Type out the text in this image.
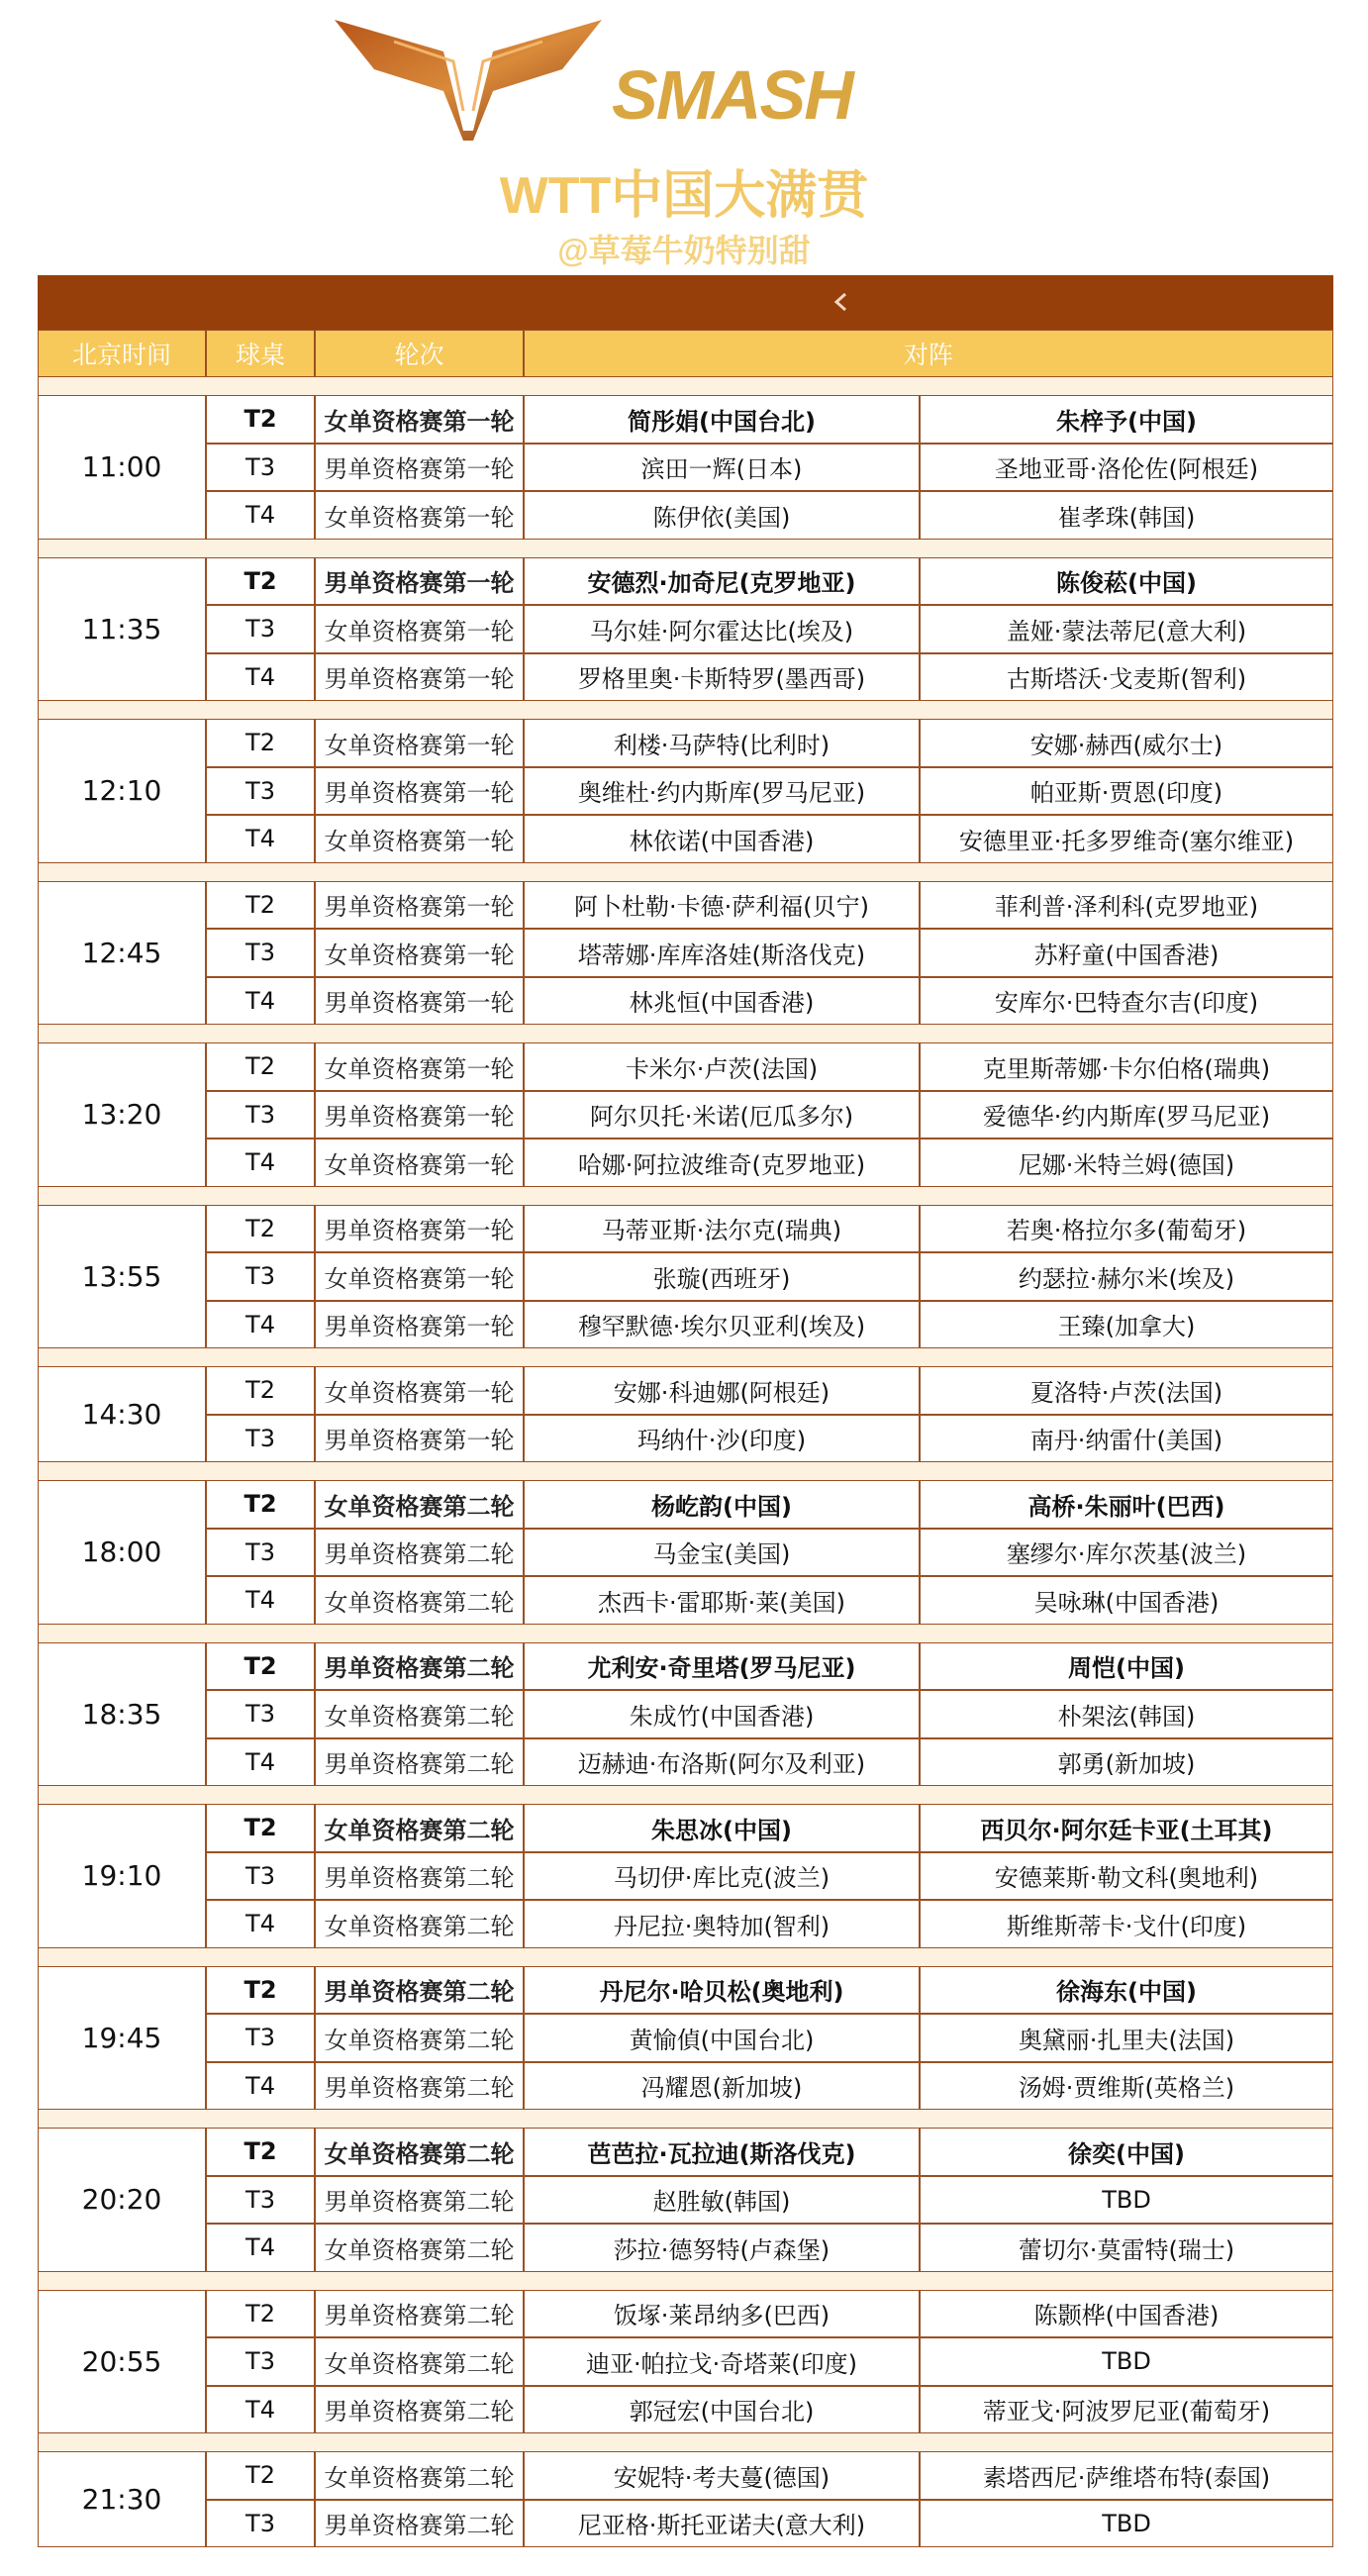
SMASH
WTT中国大满贯
@草莓牛奶特别甜
北京时间	球桌	轮次	对阵
11:00
T2	女单资格赛第一轮	简彤娟(中国台北)	朱梓予(中国)
T3	男单资格赛第一轮	滨田一辉(日本)	圣地亚哥·洛伦佐(阿根廷)
T4	女单资格赛第一轮	陈伊依(美国)	崔孝珠(韩国)
11:35
T2	男单资格赛第一轮	安德烈·加奇尼(克罗地亚)	陈俊菘(中国)
T3	女单资格赛第一轮	马尔娃·阿尔霍达比(埃及)	盖娅·蒙法蒂尼(意大利)
T4	男单资格赛第一轮	罗格里奥·卡斯特罗(墨西哥)	古斯塔沃·戈麦斯(智利)
12:10
T2	女单资格赛第一轮	利楼·马萨特(比利时)	安娜·赫西(威尔士)
T3	男单资格赛第一轮	奥维杜·约内斯库(罗马尼亚)	帕亚斯·贾恩(印度)
T4	女单资格赛第一轮	林依诺(中国香港)	安德里亚·托多罗维奇(塞尔维亚)
12:45
T2	男单资格赛第一轮	阿卜杜勒·卡德·萨利福(贝宁)	菲利普·泽利科(克罗地亚)
T3	女单资格赛第一轮	塔蒂娜·库库洛娃(斯洛伐克)	苏籽童(中国香港)
T4	男单资格赛第一轮	林兆恒(中国香港)	安库尔·巴特查尔吉(印度)
13:20
T2	女单资格赛第一轮	卡米尔·卢茨(法国)	克里斯蒂娜·卡尔伯格(瑞典)
T3	男单资格赛第一轮	阿尔贝托·米诺(厄瓜多尔)	爱德华·约内斯库(罗马尼亚)
T4	女单资格赛第一轮	哈娜·阿拉波维奇(克罗地亚)	尼娜·米特兰姆(德国)
13:55
T2	男单资格赛第一轮	马蒂亚斯·法尔克(瑞典)	若奥·格拉尔多(葡萄牙)
T3	女单资格赛第一轮	张璇(西班牙)	约瑟拉·赫尔米(埃及)
T4	男单资格赛第一轮	穆罕默德·埃尔贝亚利(埃及)	王臻(加拿大)
14:30
T2	女单资格赛第一轮	安娜·科迪娜(阿根廷)	夏洛特·卢茨(法国)
T3	男单资格赛第一轮	玛纳什·沙(印度)	南丹·纳雷什(美国)
18:00
T2	女单资格赛第二轮	杨屹韵(中国)	高桥·朱丽叶(巴西)
T3	男单资格赛第二轮	马金宝(美国)	塞缪尔·库尔茨基(波兰)
T4	女单资格赛第二轮	杰西卡·雷耶斯·莱(美国)	吴咏琳(中国香港)
18:35
T2	男单资格赛第二轮	尤利安·奇里塔(罗马尼亚)	周恺(中国)
T3	女单资格赛第二轮	朱成竹(中国香港)	朴架泫(韩国)
T4	男单资格赛第二轮	迈赫迪·布洛斯(阿尔及利亚)	郭勇(新加坡)
19:10
T2	女单资格赛第二轮	朱思冰(中国)	西贝尔·阿尔廷卡亚(土耳其)
T3	男单资格赛第二轮	马切伊·库比克(波兰)	安德莱斯·勒文科(奥地利)
T4	女单资格赛第二轮	丹尼拉·奥特加(智利)	斯维斯蒂卡·戈什(印度)
19:45
T2	男单资格赛第二轮	丹尼尔·哈贝松(奥地利)	徐海东(中国)
T3	女单资格赛第二轮	黄愉偵(中国台北)	奥黛丽·扎里夫(法国)
T4	男单资格赛第二轮	冯耀恩(新加坡)	汤姆·贾维斯(英格兰)
20:20
T2	女单资格赛第二轮	芭芭拉·瓦拉迪(斯洛伐克)	徐奕(中国)
T3	男单资格赛第二轮	赵胜敏(韩国)	TBD
T4	女单资格赛第二轮	莎拉·德努特(卢森堡)	蕾切尔·莫雷特(瑞士)
20:55
T2	男单资格赛第二轮	饭塚·莱昂纳多(巴西)	陈颢桦(中国香港)
T3	女单资格赛第二轮	迪亚·帕拉戈·奇塔莱(印度)	TBD
T4	男单资格赛第二轮	郭冠宏(中国台北)	蒂亚戈·阿波罗尼亚(葡萄牙)
21:30
T2	女单资格赛第二轮	安妮特·考夫蔓(德国)	素塔西尼·萨维塔布特(泰国)
T3	男单资格赛第二轮	尼亚格·斯托亚诺夫(意大利)	TBD
